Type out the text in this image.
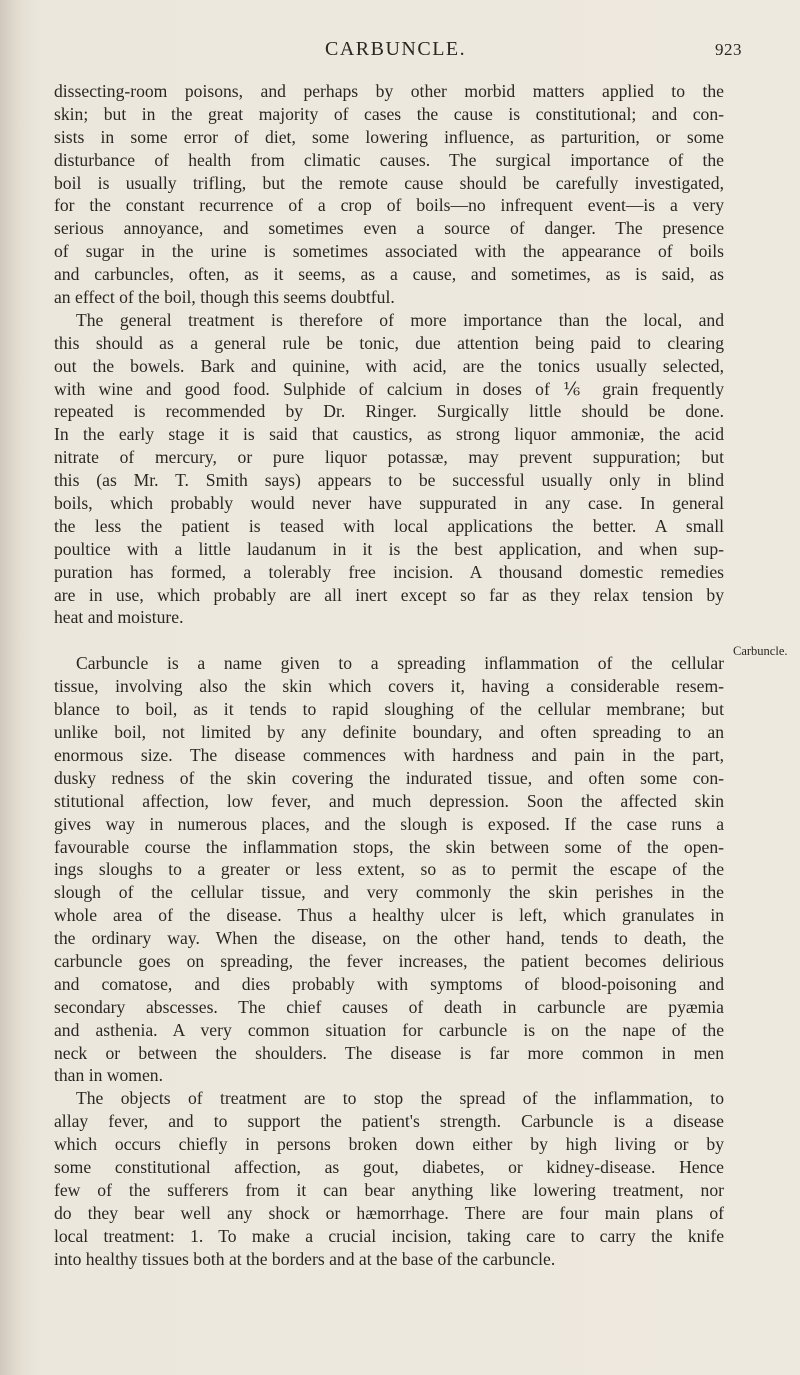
CARBUNCLE.	923
dissecting-room poisons, and perhaps by other morbid matters applied to the
skin; but in the great majority of cases the cause is constitutional; and con-
sists in some error of diet, some lowering influence, as parturition, or some
disturbance of health from climatic causes. The surgical importance of the
boil is usually trifling, but the remote cause should be carefully investigated,
for the constant recurrence of a crop of boils—no infrequent event—is a very
serious annoyance, and sometimes even a source of danger. The presence
of sugar in the urine is sometimes associated with the appearance of boils
and carbuncles, often, as it seems, as a cause, and sometimes, as is said, as
an effect of the boil, though this seems doubtful.
The general treatment is therefore of more importance than the local, and
this should as a general rule be tonic, due attention being paid to clearing
out the bowels. Bark and quinine, with acid, are the tonics usually selected,
with wine and good food. Sulphide of calcium in doses of ⅙ grain frequently
repeated is recommended by Dr. Ringer. Surgically little should be done.
In the early stage it is said that caustics, as strong liquor ammoniæ, the acid
nitrate of mercury, or pure liquor potassæ, may prevent suppuration; but
this (as Mr. T. Smith says) appears to be successful usually only in blind
boils, which probably would never have suppurated in any case. In general
the less the patient is teased with local applications the better. A small
poultice with a little laudanum in it is the best application, and when sup-
puration has formed, a tolerably free incision. A thousand domestic remedies
are in use, which probably are all inert except so far as they relax tension by
heat and moisture.
Carbuncle is a name given to a spreading inflammation of the cellular
tissue, involving also the skin which covers it, having a considerable resem-
blance to boil, as it tends to rapid sloughing of the cellular membrane; but
unlike boil, not limited by any definite boundary, and often spreading to an
enormous size. The disease commences with hardness and pain in the part,
dusky redness of the skin covering the indurated tissue, and often some con-
stitutional affection, low fever, and much depression. Soon the affected skin
gives way in numerous places, and the slough is exposed. If the case runs a
favourable course the inflammation stops, the skin between some of the open-
ings sloughs to a greater or less extent, so as to permit the escape of the
slough of the cellular tissue, and very commonly the skin perishes in the
whole area of the disease. Thus a healthy ulcer is left, which granulates in
the ordinary way. When the disease, on the other hand, tends to death, the
carbuncle goes on spreading, the fever increases, the patient becomes delirious
and comatose, and dies probably with symptoms of blood-poisoning and
secondary abscesses. The chief causes of death in carbuncle are pyæmia
and asthenia. A very common situation for carbuncle is on the nape of the
neck or between the shoulders. The disease is far more common in men
than in women.
The objects of treatment are to stop the spread of the inflammation, to
allay fever, and to support the patient's strength. Carbuncle is a disease
which occurs chiefly in persons broken down either by high living or by
some constitutional affection, as gout, diabetes, or kidney-disease. Hence
few of the sufferers from it can bear anything like lowering treatment, nor
do they bear well any shock or hæmorrhage. There are four main plans of
local treatment: 1. To make a crucial incision, taking care to carry the knife
into healthy tissues both at the borders and at the base of the carbuncle.
Carbuncle.
